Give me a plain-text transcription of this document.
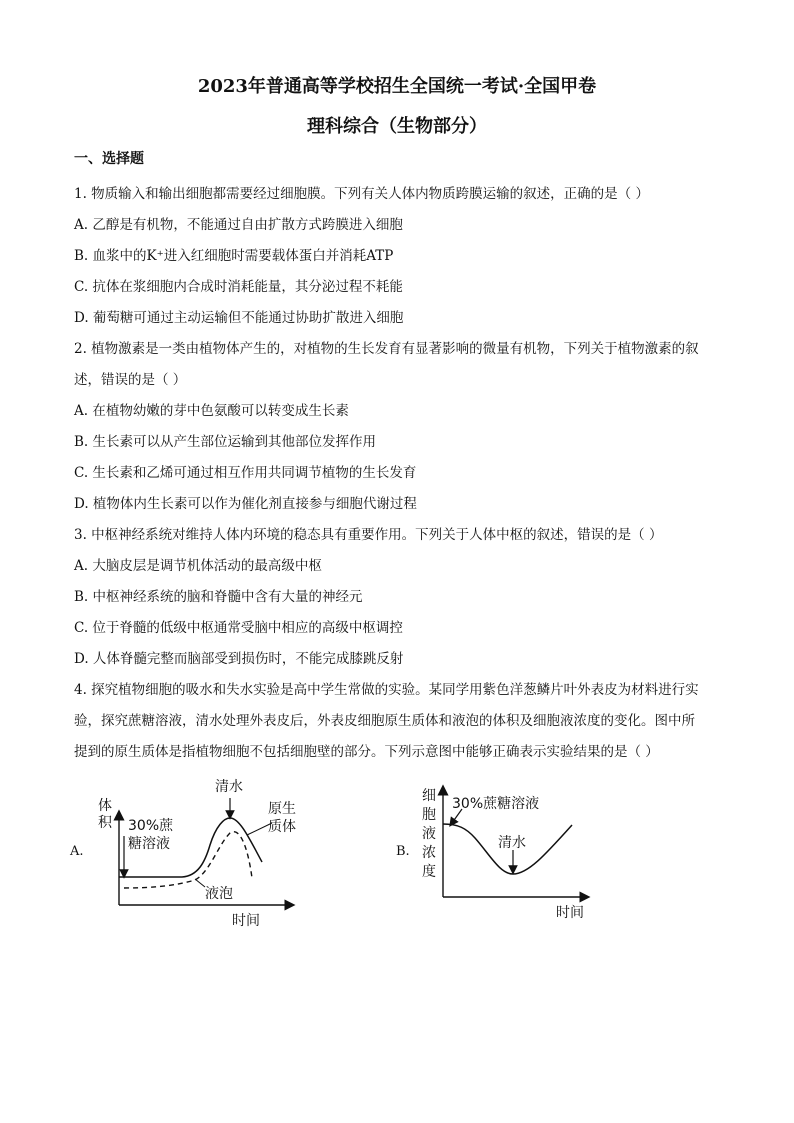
2023年普通高等学校招生全国统一考试·全国甲卷
理科综合（生物部分）
一、选择题
1. 物质输入和输出细胞都需要经过细胞膜。下列有关人体内物质跨膜运输的叙述，正确的是（ ）
A. 乙醇是有机物，不能通过自由扩散方式跨膜进入细胞
B. 血浆中的K⁺进入红细胞时需要载体蛋白并消耗ATP
C. 抗体在浆细胞内合成时消耗能量，其分泌过程不耗能
D. 葡萄糖可通过主动运输但不能通过协助扩散进入细胞
2. 植物激素是一类由植物体产生的，对植物的生长发育有显著影响的微量有机物，下列关于植物激素的叙
述，错误的是（ ）
A. 在植物幼嫩的芽中色氨酸可以转变成生长素
B. 生长素可以从产生部位运输到其他部位发挥作用
C. 生长素和乙烯可通过相互作用共同调节植物的生长发育
D. 植物体内生长素可以作为催化剂直接参与细胞代谢过程
3. 中枢神经系统对维持人体内环境的稳态具有重要作用。下列关于人体中枢的叙述，错误的是（ ）
A. 大脑皮层是调节机体活动的最高级中枢
B. 中枢神经系统的脑和脊髓中含有大量的神经元
C. 位于脊髓的低级中枢通常受脑中相应的高级中枢调控
D. 人体脊髓完整而脑部受到损伤时，不能完成膝跳反射
4. 探究植物细胞的吸水和失水实验是高中学生常做的实验。某同学用紫色洋葱鳞片叶外表皮为材料进行实
验，探究蔗糖溶液，清水处理外表皮后，外表皮细胞原生质体和液泡的体积及细胞液浓度的变化。图中所
提到的原生质体是指植物细胞不包括细胞壁的部分。下列示意图中能够正确表示实验结果的是（ ）
A.
体
积 30%蔗
糖溶液
清水
原生
质体
液泡
时间
B.
细
胞
液
浓
度
30%蔗糖溶液
清水
时间
